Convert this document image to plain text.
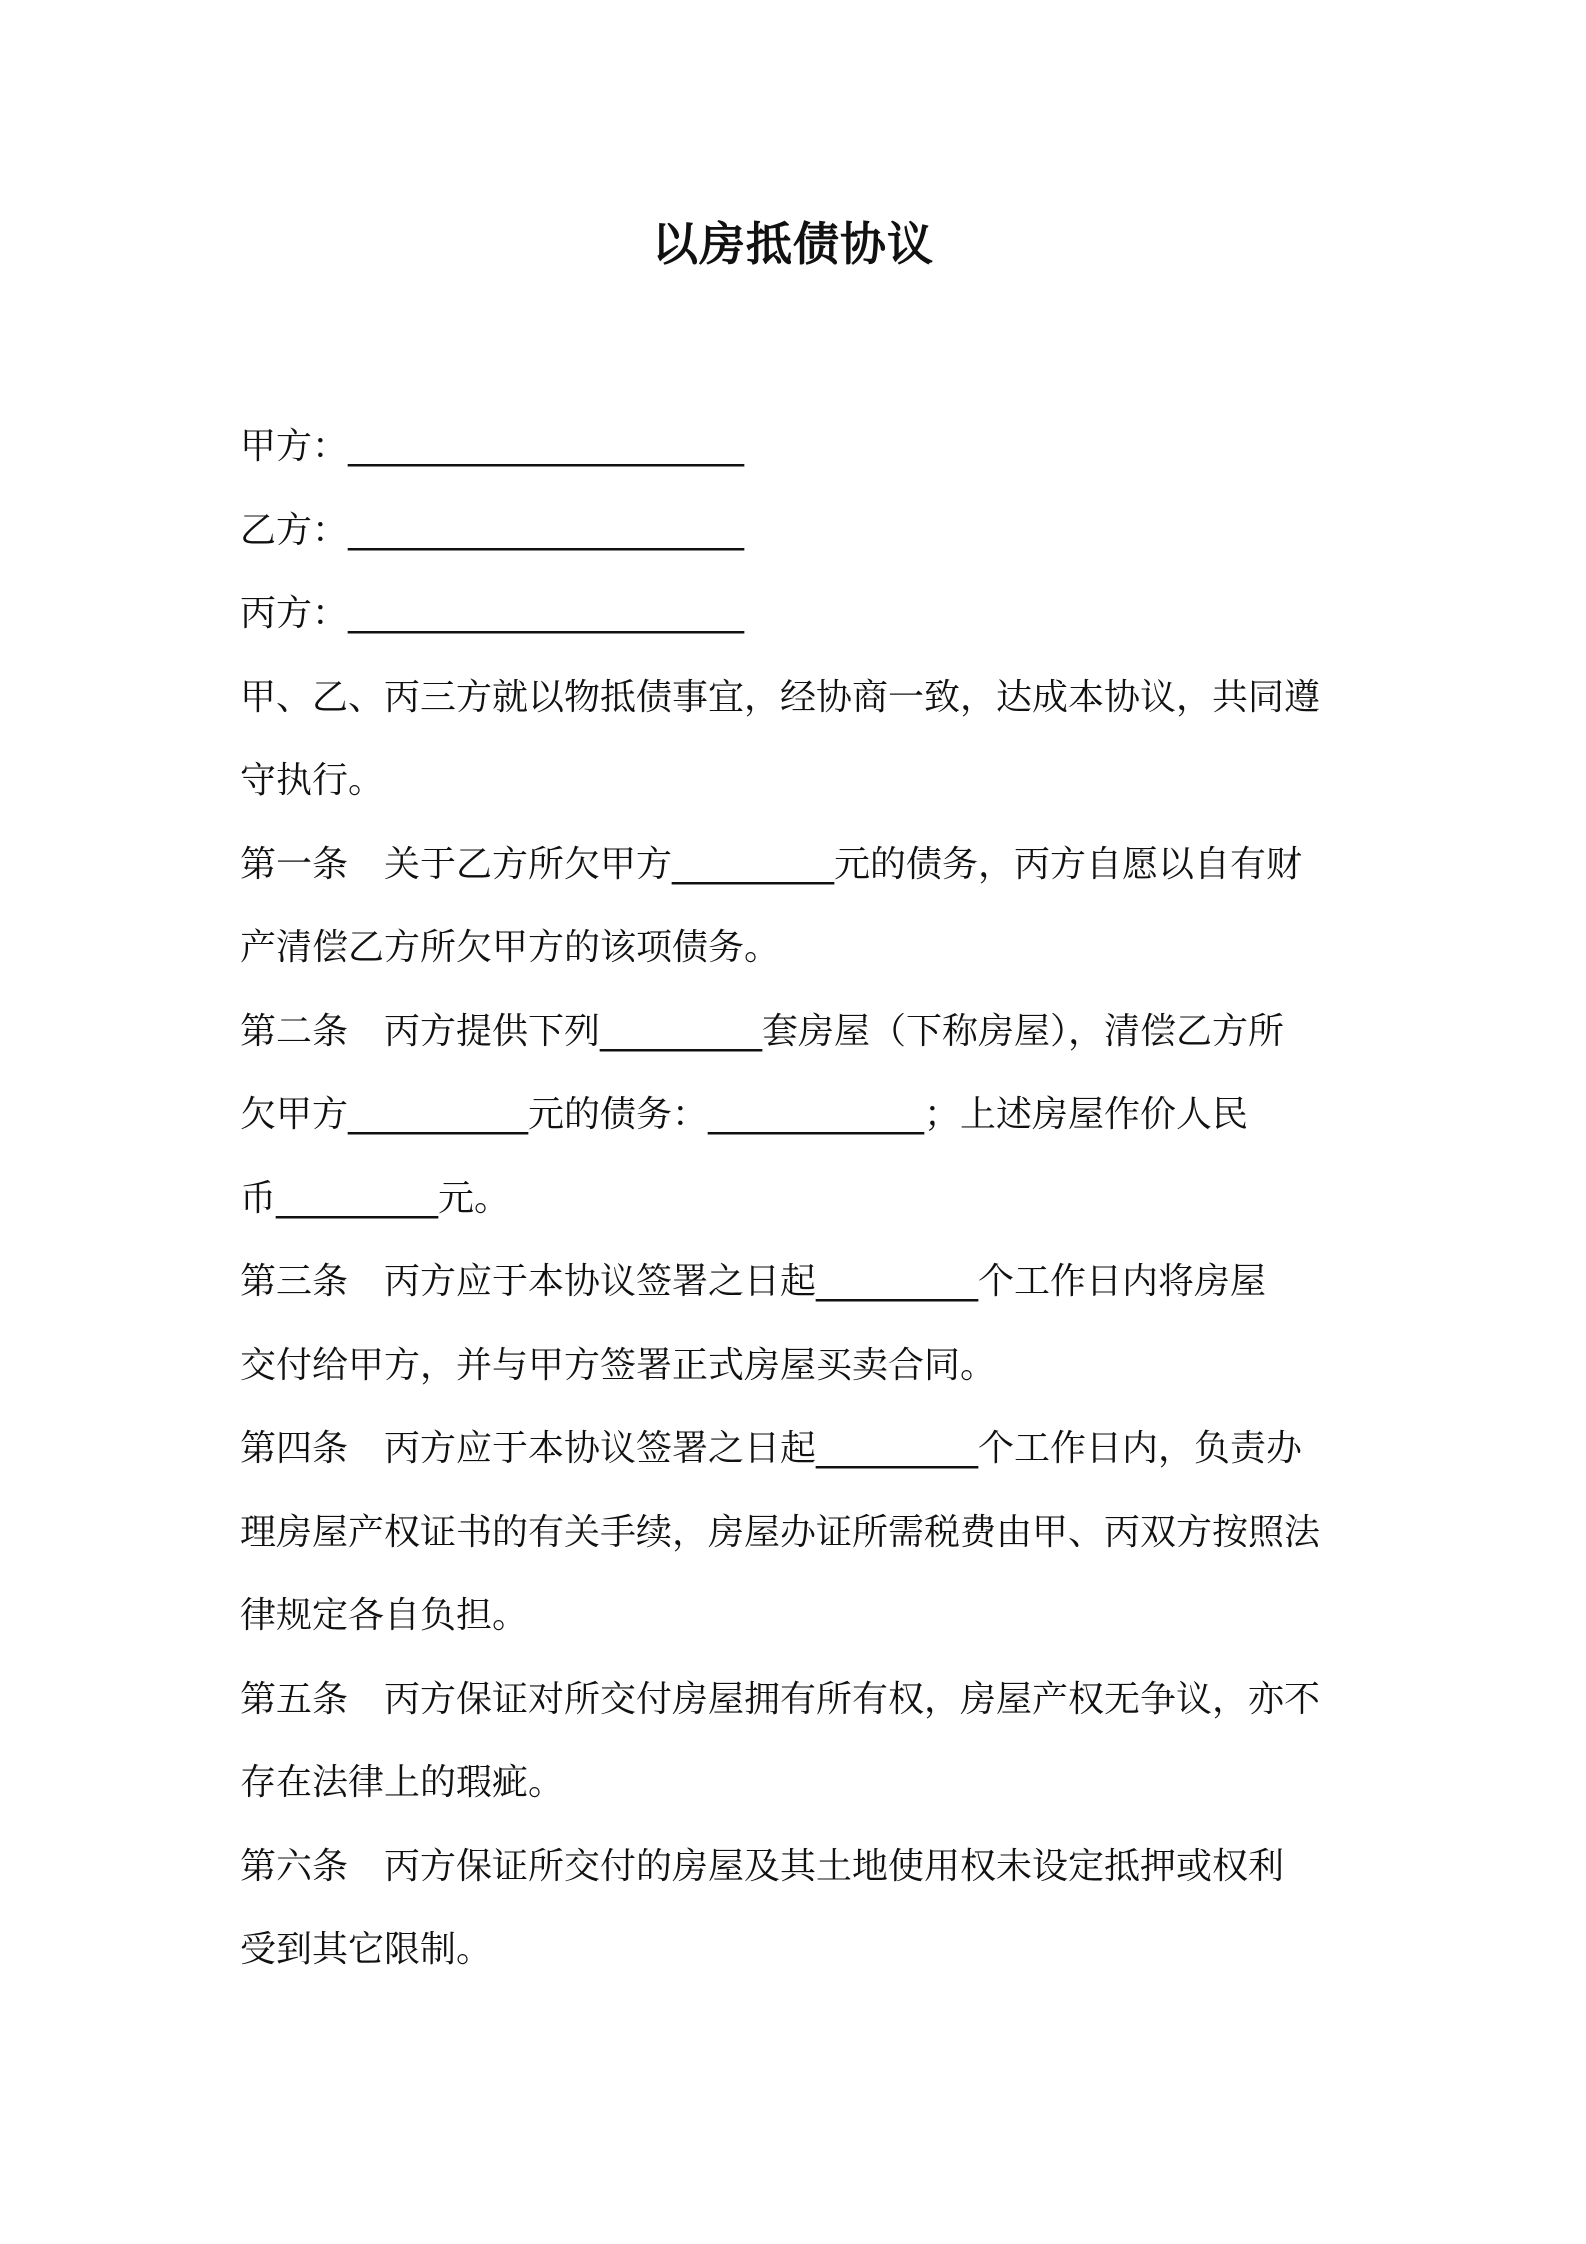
以房抵债协议
甲方：______________________
乙方：______________________
丙方：______________________
甲、乙、丙三方就以物抵债事宜，经协商一致，达成本协议，共同遵
守执行。
第一条 关于乙方所欠甲方_________元的债务，丙方自愿以自有财
产清偿乙方所欠甲方的该项债务。
第二条 丙方提供下列_________套房屋（下称房屋），清偿乙方所
欠甲方__________元的债务：____________；上述房屋作价人民
币_________元。
第三条 丙方应于本协议签署之日起_________个工作日内将房屋
交付给甲方，并与甲方签署正式房屋买卖合同。
第四条 丙方应于本协议签署之日起_________个工作日内，负责办
理房屋产权证书的有关手续，房屋办证所需税费由甲、丙双方按照法
律规定各自负担。
第五条 丙方保证对所交付房屋拥有所有权，房屋产权无争议，亦不
存在法律上的瑕疵。
第六条 丙方保证所交付的房屋及其土地使用权未设定抵押或权利
受到其它限制。
